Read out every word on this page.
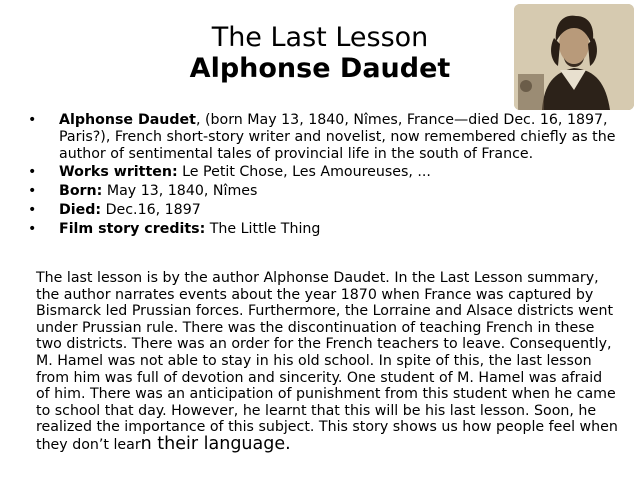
The Last Lesson
Alphonse Daudet
• Alphonse Daudet, (born May 13, 1840, Nîmes, France—died Dec. 16, 1897, Paris?), French short-story writer and novelist, now remembered chiefly as the author of sentimental tales of provincial life in the south of France.
• Works written: Le Petit Chose, Les Amoureuses, ...
• Born: May 13, 1840, Nîmes
• Died: Dec.16, 1897
• Film story credits: The Little Thing

The last lesson is by the author Alphonse Daudet. In the Last Lesson summary, the author narrates events about the year 1870 when France was captured by Bismarck led Prussian forces. Furthermore, the Lorraine and Alsace districts went under Prussian rule. There was the discontinuation of teaching French in these two districts. There was an order for the French teachers to leave. Consequently, M. Hamel was not able to stay in his old school. In spite of this, the last lesson from him was full of devotion and sincerity. One student of M. Hamel was afraid of him. There was an anticipation of punishment from this student when he came to school that day. However, he learnt that this will be his last lesson. Soon, he realized the importance of this subject. This story shows us how people feel when they don’t learn their language.
